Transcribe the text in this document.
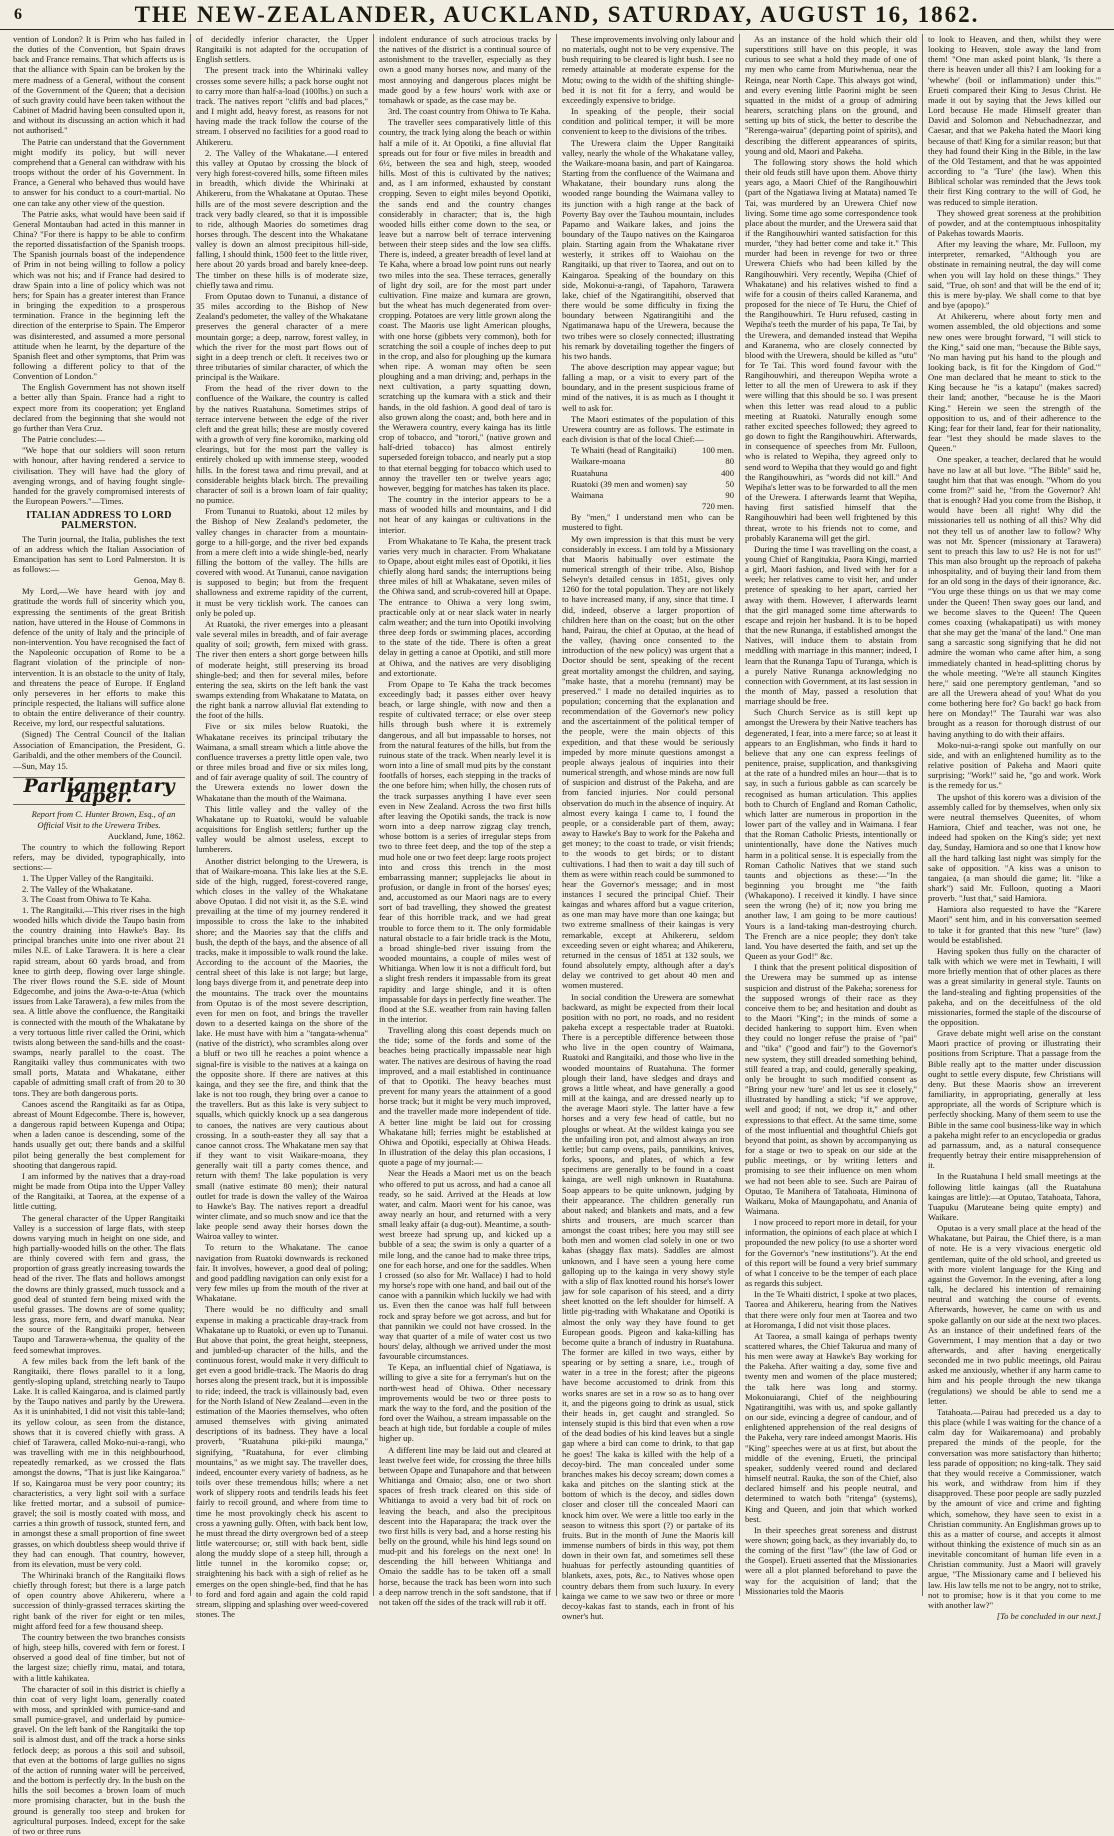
6	THE NEW-ZEALANDER, AUCKLAND, SATURDAY, AUGUST 16, 1862.

vention of London? It is Prim who has failed in the duties of the Convention, but Spain draws back and France remains. That which affects us is that the alliance with Spain can be broken by the mere madness of a General, without the consent of the Government of the Queen; that a decision of such gravity could have been taken without the Cabinet of Madrid having been consulted upon it, and without its discussing an action which it had not authorised."

The Patrie can understand that the Government might modify its policy, but will never comprehend that a General can withdraw with his troops without the order of his Government. In France, a General who behaved thus would have to answer for his conduct to a court-martial. No one can take any other view of the question.

The Patrie asks, what would have been said if General Montauban had acted in this manner in China? "For there is happy to be able to confirm the reported dissatisfaction of the Spanish troops. The Spanish journals boast of the independence of Prim in not being willing to follow a policy which was not his; and if France had desired to draw Spain into a line of policy which was not hers; for Spain has a greater interest than France in bringing the expedition to a prosperous termination. France in the beginning left the direction of the enterprise to Spain. The Emperor was disinterested, and assumed a more personal attitude when he learnt, by the departure of the Spanish fleet and other symptoms, that Prim was following a different policy to that of the Convention of London."

The English Government has not shown itself a better ally than Spain. France had a right to expect more from its cooperation; yet England declared from the beginning that she would not go further than Vera Cruz.

The Patrie concludes:—

"We hope that our soldiers will soon return with honour, after having rendered a service to civilisation. They will have had the glory of avenging wrongs, and of having fought single-handed for the gravely compromised interests of the European Powers."—Times.

ITALIAN ADDRESS TO LORD PALMERSTON.

The Turin journal, the Italia, publishes the text of an address which the Italian Association of Emancipation has sent to Lord Palmerston. It is as follows:—

Genoa, May 8.

My Lord,—We have heard with joy and gratitude the words full of sincerity which you, expressing the sentiments of the great British nation, have uttered in the House of Commons in defence of the unity of Italy and the principle of non-intervention. You have recognised the fact of the Napoleonic occupation of Rome to be a flagrant violation of the principle of non-intervention. It is an obstacle to the unity of Italy, and threatens the peace of Europe. If England only perseveres in her efforts to make this principle respected, the Italians will suffice alone to obtain the entire deliverance of their country. Receive, my lord, our respectful salutations.

(Signed) The Central Council of the Italian Association of Emancipation, the President, G. Garibaldi, and the other members of the Council.

—Sun, May 15.

Parliamentary Paper.

Report from C. Hunter Brown, Esq., of an Official Visit to the Urewera Tribes.

Auckland, June, 1862.

The country to which the following Report refers, may be divided, typographically, into sections:—

1. The Upper Valley of the Rangitaiki.

2. The Valley of the Whakatane.

3. The Coast from Ohiwa to Te Kaha.

1. The Rangitaiki.—This river rises in the high wooded hills which divide the Taupo basin from the country draining into Hawke's Bay. Its principal branches unite into one river about 21 miles N.E. of Lake Tarawera. It is here a clear rapid stream, about 60 yards broad, and from knee to girth deep, flowing over large shingle. The river flows round the S.E. side of Mount Edgecombe, and joins the Awa-o-te-Atua (which issues from Lake Tarawera), a few miles from the sea. A little above the confluence, the Rangitaiki is connected with the mouth of the Whakatane by a very tortuous little river called the Orini, which twists along between the sand-hills and the coast-swamps, nearly parallel to the coast. The Rangitaiki valley thus communicates with two small ports, Matata and Whakatane, either capable of admitting small craft of from 20 to 30 tons. They are both dangerous ports.

Canoes ascend the Rangitaiki as far as Otipa, abreast of Mount Edgecombe. There is, however, a dangerous rapid between Kupenga and Otipa; when a laden canoe is descending, some of the hands usually get out; there bands and a skilful pilot being generally the best complement for shooting that dangerous rapid.

I am informed by the natives that a dray-road might be made from Otipa into the Upper Valley of the Rangitaiki, at Taorea, at the expense of a little cutting.

The general character of the Upper Rangitaiki Valley is a succession of large flats, with steep downs varying much in height on one side, and high partially-wooded hills on the other. The flats are thinly covered with fern and grass, the proportion of grass greatly increasing towards the head of the river. The flats and hollows amongst the downs are thinly grassed, much tussock and a good deal of stunted fern being mixed with the useful grasses. The downs are of some quality; less grass, more fern, and dwarf manuka. Near the source of the Rangitaiki proper, between Taupo and Tarawera-whenua, the quality of the feed somewhat improves.

A few miles back from the left bank of the Rangitaiki, there flows parallel to it a long, gently-sloping upland, stretching nearly to Taupo Lake. It is called Kaingaroa, and is claimed partly by the Taupo natives and partly by the Urewera. As it is uninhabited, I did not visit this table-land; its yellow colour, as seen from the distance, shows that it is covered chiefly with grass. A chief of Tarawera, called Moko-nui-a-rangi, who was travelling with me in this neighbourhood, repeatedly remarked, as we crossed the flats amongst the downs, "That is just like Kaingaroa." If so, Kaingaroa must be very poor country; its characteristics, a very light soil with a surface like fretted mortar, and a subsoil of pumice-gravel; the soil is mostly coated with moss, and carries a thin growth of tussock, stunted fern, and in amongst these a small proportion of fine sweet grasses, on which doubtless sheep would thrive if they had can enough. That country, however, from its elevation, must be very cold.

The Whirinaki branch of the Rangitaiki flows chiefly through forest; but there is a large patch of open country above Ahikereru, where a succession of thinly-grassed terraces skirting the right bank of the river for eight or ten miles, might afford feed for a few thousand sheep.

The country between the two branches consists of high, steep hills, covered with fern or forest. I observed a good deal of fine timber, but not of the largest size; chiefly rimu, matai, and totara, with a little kahikatea.

The character of soil in this district is chiefly a thin coat of very light loam, generally coated with moss, and sprinkled with pumice-sand and small pumice-gravel, and underlaid by pumice-gravel. On the left bank of the Rangitaiki the top soil is almost dust, and off the track a horse sinks fetlock deep; as porous a this soil and subsoil, that even at the bottoms of large gullies no signs of the action of running water will be perceived, and the bottom is perfectly dry. In the bush on the hills the soil becomes a brown loam of much more promising character, but in the bush the ground is generally too steep and broken for agricultural purposes. Indeed, except for the sake of two or three runs

of decidedly inferior character, the Upper Rangitaiki is not adapted for the occupation of English settlers.

The present track into the Whirinaki valley crosses some severe hills; a pack horse ought not to carry more than half-a-load (100lbs.) on such a track. The natives report "cliffs and bad places," and I might add, heavy forest, as reasons for not having made the track follow the course of the stream. I observed no facilities for a good road to Ahikereru.

2. The Valley of the Whakatane.—I entered this valley at Oputao by crossing the block of very high forest-covered hills, some fifteen miles in breadth, which divide the Whirinaki at Ahikereru, from the Whakatane at Oputao. These hills are of the most severe description and the track very badly cleared, so that it is impossible to ride, although Maories do sometimes drag horses through. The descent into the Whakatane valley is down an almost precipitous hill-side, falling, I should think, 1500 feet to the little river, here about 20 yards broad and barely knee-deep. The timber on these hills is of moderate size, chiefly tawa and rimu.

From Oputao down to Tunanui, a distance of 35 miles according to the Bishop of New Zealand's pedometer, the valley of the Whakatane preserves the general character of a mere mountain gorge; a deep, narrow, forest valley, in which the river for the most part flows out of sight in a deep trench or cleft. It receives two or three tributaries of similar character, of which the principal is the Waikare.

From the head of the river down to the confluence of the Waikare, the country is called by the natives Ruatahuna. Sometimes strips of terrace intervene between the edge of the river cleft and the great hills; these are mostly covered with a growth of very fine koromiko, marking old clearings, but for the most part the valley is entirely choked up with immense steep, wooded hills. In the forest tawa and rimu prevail, and at considerable heights black birch. The prevailing character of soil is a brown loam of fair quality; no pumice.

From Tunanui to Ruatoki, about 12 miles by the Bishop of New Zealand's pedometer, the valley changes in character from a mountain-gorge to a hill-gorge, and the river bed expands from a mere cleft into a wide shingle-bed, nearly filling the bottom of the valley. The hills are covered with wood. At Tunanui, canoe navigation is supposed to begin; but from the frequent shallowness and extreme rapidity of the current, it must be very ticklish work. The canoes can only be poled up.

At Ruatoki, the river emerges into a pleasant vale several miles in breadth, and of fair average quality of soil; growth, fern mixed with grass. The river then enters a short gorge between hills of moderate height, still preserving its broad shingle-bed; and then for several miles, before entering the sea, skirts on the left bank the vast swamps extending from Whakatane to Matata, on the right bank a narrow alluvial flat extending to the foot of the hills.

Five or six miles below Ruatoki, the Whakatane receives its principal tributary the Waimana, a small stream which a little above the confluence traverses a pretty little open vale, two or three miles broad and five or six miles long, and of fair average quality of soil. The country of the Urewera extends no lower down the Whakatane than the mouth of the Waimana.

This little valley and the valley of the Whakatane up to Ruatoki, would be valuable acquisitions for English settlers; further up the valley would be almost useless, except to lumberers.

Another district belonging to the Urewera, is that of Waikare-moana. This lake lies at the S.E. side of the high, rugged, forest-covered range, which closes in the valley of the Whakatane above Oputao. I did not visit it, as the S.E. wind prevailing at the time of my journey rendered it impossible to cross the lake to the inhabited shore; and the Maories say that the cliffs and bush, the depth of the bays, and the absence of all tracks, make it impossible to walk round the lake. According to the account of the Maories, the central sheet of this lake is not large; but large, long bays diverge from it, and penetrate deep into the mountains. The track over the mountains from Oputao is of the most severe description, even for men on foot, and brings the traveller down to a deserted kainga on the shore of the lake. He must have with him a "tangata-whenua" (native of the district), who scrambles along over a bluff or two till he reaches a point whence a signal-fire is visible to the natives at a kainga on the opposite shore. If there are natives at this kainga, and they see the fire, and think that the lake is not too rough, they bring over a canoe to the travellers. But as this lake is very subject to squalls, which quickly knock up a sea dangerous to canoes, the natives are very cautious about crossing. In a south-easter they all say that a canoe cannot cross. The Whakatane men say that if they want to visit Waikare-moana, they generally wait till a party comes thence, and return with them! The lake population is very small (native estimate 80 men); their natural outlet for trade is down the valley of the Wairoa to Hawke's Bay. The natives report a dreadful winter climate, and so much snow and ice that the lake people send away their horses down the Wairoa valley to winter.

To return to the Whakatane. The canoe navigation from Ruatoki downwards is reckoned fair. It involves, however, a good deal of poling; and good paddling navigation can only exist for a very few miles up from the mouth of the river at Whakatane.

There would be no difficulty and small expense in making a practicable dray-track from Whakatane up to Ruatoki, or even up to Tunanui. But above that point, the great height, steepness, and jumbled-up character of the hills, and the continuous forest, would make it very difficult to get even a good bridle-track. The Maoris do drag horses along the present track, but it is impossible to ride; indeed, the track is villainously bad, even for the North Island of New Zealand—even in the estimation of the Maories themselves, who often amused themselves with giving animated descriptions of its badness. They have a local proverb, "Ruatahuna piki-piki maunga," signifying, "Ruatahuna, for ever climbing mountains," as we might say. The traveller does, indeed, encounter every variety of badness, as he toils over these tremendous hills; where a net work of slippery roots and tendrils leads his feet fairly to recoil ground, and where from time to time he most provokingly check his ascent to cross a yawning gully. Often, with back bent low, he must thread the dirty overgrown bed of a steep little watercourse; or, still with back bent, sidle along the muddy slope of a steep hill, through a little tunnel in the koromiko copse; or, straightening his back with a sigh of relief as he emerges on the open shingle-bed, find that he has to ford and ford again and again the cold rapid stream, slipping and splashing over weed-covered stones. The

indolent endurance of such atrocious tracks by the natives of the district is a continual source of astonishment to the traveller, especially as they own a good many horses now, and many of the most annoying and dangerous places might be made good by a few hours' work with axe or tomahawk or spade, as the case may be.

3rd. The coast country from Ohiwa to Te Kaha.

The traveller sees comparatively little of this country, the track lying along the beach or within half a mile of it. At Opotiki, a fine alluvial flat spreads out for four or five miles in breadth and 6½, between the sea and high, steep, wooded hills. Most of this is cultivated by the natives; and, as I am informed, exhausted by constant cropping. Seven to eight miles beyond Opotiki, the sands end and the country changes considerably in character; that is, the high wooded hills either come down to the sea, or leave but a narrow belt of terrace intervening between their steep sides and the low sea cliffs. There is, indeed, a greater breadth of level land at Te Kaha, where a broad low point runs out nearly two miles into the sea. These terraces, generally of light dry soil, are for the most part under cultivation. Fine maize and kumara are grown, but the wheat has much degenerated from over-cropping. Potatoes are very little grown along the coast. The Maoris use light American ploughs, with one horse (gibbets very common), both for scratching the soil a couple of inches deep to put in the crop, and also for ploughing up the kumara when ripe. A woman may often be seen ploughing and a man driving; and, perhaps in the next cultivation, a party squatting down, scratching up the kumara with a stick and their hands, in the old fashion. A good deal of taro is also grown along the coast; and, both here and in the Werawera country, every kainga has its little crop of tobacco, and "torori," (native grown and half-dried tobacco) has almost entirely superseded foreign tobacco, and nearly put a stop to that eternal begging for tobacco which used to annoy the traveller ten or twelve years ago; however, begging for matches has taken its place.

The country in the interior appears to be a mass of wooded hills and mountains, and I did not hear of any kaingas or cultivations in the interior.

From Whakatane to Te Kaha, the present track varies very much in character. From Whakatane to Opape, about eight miles east of Opotiki, it lies chiefly along hard sands; the interruptions being three miles of hill at Whakatane, seven miles of the Ohiwa sand, and scrub-covered hill at Opape. The entrance to Ohiwa a very long swim, practicable only at or near slack water in nearly calm weather; and the turn into Opotiki involving three deep fords or swimming places, according to the state of the tide. There is often a great delay in getting a canoe at Opotiki, and still more at Ohiwa, and the natives are very disobliging and extortionate.

From Opape to Te Kaha the track becomes exceedingly bad; it passes either over heavy beach, or large shingle, with now and then a respite of cultivated terrace; or else over steep hills through bush where it is extremely dangerous, and all but impassable to horses, not from the natural features of the hills, but from the ruinous state of the track. When nearly level it is worn into a line of small mud pits by the constant footfalls of horses, each stepping in the tracks of the one before him; when hilly, the chosen ruts of the track surpasses anything I have ever seen even in New Zealand. Across the two first hills after leaving the Opotiki sands, the track is now worn into a deep narrow zigzag clay trench, whose bottom is a series of irregular steps from two to three feet deep, and the top of the step a mud hole one or two feet deep: large roots project into and cross this trench in the most embarrassing manner; supplejacks lie about in profusion, or dangle in front of the horses' eyes; and, accustomed as our Maori nags are to every sort of bad travelling, they showed the greatest fear of this horrible track, and we had great trouble to force them to it. The only formidable natural obstacle to a fair bridle track is the Motu, a broad shingle-bed river issuing from the wooded mountains, a couple of miles west of Whitianga. When low it is not a difficult ford, but a slight fresh renders it impassable from its great rapidity and large shingle, and it is often impassable for days in perfectly fine weather. The flood at the S.E. weather from rain having fallen in the interior.

Travelling along this coast depends much on the tide; some of the fords and some of the beaches being practically impassable near high water. The natives are desirous of having the road improved, and a mail established in continuance of that to Opotiki. The heavy beaches must prevent for many years the attainment of a good horse track; but it might be very much improved, and the traveller made more independent of tide. A better line might be laid out for crossing Whakatane hill; ferries might be established at Ohiwa and Opotiki, especially at Ohiwa Heads. In illustration of the delay this plan occasions, I quote a page of my journal:—

Near the Heads a Maori met us on the beach who offered to put us across, and had a canoe all ready, so he said. Arrived at the Heads at low water, and calm. Maori went for his canoe, was away nearly an hour, and returned with a very small leaky affair (a dug-out). Meantime, a south-west breeze had sprung up, and kicked up a bubble of a sea; the swim is only a quarter of a mile long, and the canoe had to make three trips, one for each horse, and one for the saddles. When I crossed (so also for Mr. Wallace) I had to hold my horse's rope with one hand, and bail out of the canoe with a pannikin which luckily we had with us. Even then the canoe was half full between rock and spray before we got across, and but for that pannikin we could not have crossed. In the way that quarter of a mile of water cost us two hours' delay, although we arrived under the most favourable circumstances.

Te Kepa, an influential chief of Ngatiawa, is willing to give a site for a ferryman's hut on the north-west head of Ohiwa. Other necessary improvements would be two or three posts to mark the way to the ford, and the position of the ford over the Waihou, a stream impassable on the beach at high tide, but fordable a couple of miles higher up.

A different line may be laid out and cleared at least twelve feet wide, for crossing the three hills between Opape and Tunapahore and that between Whitianga and Omaio; also, one or two short spaces of fresh track cleared on this side of Whitianga to avoid a very bad bit of rock on leaving the beach, and also the precipitous descent into the Haparapara; the track over the two first hills is very bad, and a horse resting his belly on the ground, while his hind legs sound on mud-pit and his forelegs on the next one! In descending the hill between Whitianga and Omaio the saddle has to be taken off a small horse, because the track has been worn into such a deep narrow trench in the soft sandstone, that if not taken off the sides of the track will rub it off.

These improvements involving only labour and no materials, ought not to be very expensive. The bush requiring to be cleared is light bush. I see no remedy attainable at moderate expense for the Motu; owing to the width of the shifting shingle-bed it is not fit for a ferry, and would be exceedingly expensive to bridge.

In speaking of the people, their social condition and political temper, it will be more convenient to keep to the divisions of the tribes.

The Urewera claim the Upper Rangitaiki valley, nearly the whole of the Whakatane valley, the Waikare-moana basin, and part of Kaingaroa. Starting from the confluence of the Waimana and Whakatane, their boundary runs along the wooded range bounding the Waimana valley to its junction with a high range at the back of Poverty Bay over the Tauhou mountain, includes Papamo and Waikare lakes, and joins the boundary of the Taupo natives on the Kaingaroa plain. Starting again from the Whakatane river westerly, it strikes off to Waiohau on the Rangitaiki, up that river to Taorea, and out on to Kaingaroa. Speaking of the boundary on this side, Mokonui-a-rangi, of Tapahoro, Tarawera lake, chief of the Ngatirangitihi, observed that there would be some difficulty in fixing the boundary between Ngatirangitihi and the Ngatimanawa hapu of the Urewera, because the two tribes were so closely connected; illustrating his remark by dovetailing together the fingers of his two hands.

The above description may appear vague; but falling a map, or a visit to every part of the boundary, and in the present suspicious frame of mind of the natives, it is as much as I thought it well to ask for.

The Maori estimates of the population of this Urewera country are as follows. The estimate in each division is that of the local Chief:—

Te Whaiti (head of Rangitaiki)	100 men.

Waikare-moana	80

Ruatahuna	400

Ruatoki (39 men and women) say	50

Waimana	90

720 men.

By "men," I understand men who can be mustered to fight.

My own impression is that this must be very considerably in excess. I am told by a Missionary that Maoris habitually over estimate the numerical strength of their tribe. Also, Bishop Selwyn's detailed census in 1851, gives only 1260 for the total population. They are not likely to have increased many, if any, since that time. I did, indeed, observe a larger proportion of children here than on the coast; but on the other hand, Pairau, the chief at Oputao, at the head of the valley, (having once consented to the introduction of the new policy) was urgent that a Doctor should be sent, speaking of the recent great mortality amongst the children, and saying, "make haste, that a morehu (remnant) may be preserved." I made no detailed inquiries as to population; concerning that the explanation and recommendation of the Governor's new policy and the ascertainment of the political temper of the people, were the main objects of this expedition, and that these would be seriously impeded by more minute questions amongst a people always jealous of inquiries into their numerical strength, and whose minds are now full of suspicion and distrust of the Pakeha, and are from fancied injuries. Nor could personal observation do much in the absence of inquiry. At almost every kainga I came to, I found the people, or a considerable part of them, away; away to Hawke's Bay to work for the Pakeha and get money; to the coast to trade, or visit friends; to the woods to get birds; or to distant cultivations. I had then to wait a day till such of them as were within reach could be summoned to hear the Governor's message; and in most instances I secured the principal Chief. Their kaingas and whares afford but a vague criterion, as one man may have more than one kainga; but two extreme smallness of their kaingas is very remarkable, except at Ahikereru, seldom exceeding seven or eight wharea; and Ahikereru, returned in the census of 1851 at 132 souls, we found absolutely empty, although after a day's delay we contrived to get about 40 men and women mustered.

In social condition the Urewera are somewhat backward, as might be expected from their local position with no port, no roads, and no resident pakeha except a respectable trader at Ruatoki. There is a perceptible difference between those who live in the open country of Waimana, Ruatoki and Rangitaiki, and those who live in the wooded mountains of Ruatahuna. The former plough their land, have sledges and drays and grows a little wheat, and have generally a good mill at the kainga, and are dressed nearly up to the average Maori style. The latter have a few horses and a very few head of cattle, but no ploughs or wheat. At the wildest kainga you see the unfailing iron pot, and almost always an iron kettle; but camp ovens, pails, pannikins, knives, forks, spoons, and plates, of which a few specimens are generally to be found in a coast kainga, are well nigh unknown in Ruatahuna. Soap appears to be quite unknown, judging by their appearance. The children generally run about naked; and blankets and mats, and a few shirts and trousers, are much scarcer than amongst the coast tribes; here you may still see both men and women clad solely in one or two kahas (shaggy flax mats). Saddles are almost unknown, and I have seen a young here come galloping up to the kainga in very showy style with a slip of flax knotted round his horse's lower jaw for sole caparison of his steed, and a dirty sheet knotted on the left shoulder for himself. A little pig-trading with Whakatane and Opotiki is almost the only way they have found to get European goods. Pigeon and kaka-killing has become quite a branch of industry in Ruatahuna. The former are killed in two ways, either by spearing or by setting a snare, i.e., trough of water in a tree in the forest; after the pigeons have become accustomed to drink from this works snares are set in a row so as to hang over it, and the pigeons going to drink as usual, stick their heads in, get caught and strangled. So intensely stupid is this bird that even when a row of the dead bodies of his kind leaves but a single gap where a bird can come to drink, to that gap he goes! The kaka is killed with the help of a decoy-bird. The man concealed under some branches makes his decoy scream; down comes a kaka and pitches on the slanting stick at the bottom of which is the decoy, and sidles down closer and closer till the concealed Maori can knock him over. We were a little too early in the season to witness this sport (?) or partake of its fruits. But in the month of June the Maoris kill immense numbers of birds in this way, pot them down in their own fat, and sometimes sell these huahuas for perfectly astounding quantities of blankets, axes, pots, &c., to Natives whose open country debars them from such luxury. In every kainga we came to we saw two or three or more decoy-kakas fast to stands, each in front of his owner's hut.

As an instance of the hold which their old superstitions still have on this people, it was curious to see what a hold they made of one of my men who came from Muriwhenua, near the Reinga, near North Cape. This always got wind, and every evening little Paorini might be seen squatted in the midst of a group of admiring hearers, scratching plans on the ground, and setting up bits of stick, the better to describe the "Rerenga-wairua" (departing point of spirits), and describing the different appearances of spirits, young and old, Maori and Pakeha.

The following story shows the hold which their old feuds still have upon them. Above thirty years ago, a Maori Chief of the Rangihouwhiri (part of the Ngatiawa living at Matata) named Te Tai, was murdered by an Urewera Chief now living. Some time ago some correspondence took place about the murder, and the Urewera said that if the Rangihouwhiri wanted satisfaction for this murder, "they had better come and take it." This murder had been in revenge for two or three Urewera Chiefs who had been killed by the Rangihouwhiri. Very recently, Wepiha (Chief of Whakatane) and his relatives wished to find a wife for a cousin of theirs called Karanema, and proposed for the niece of Te Huru, the Chief of the Rangihouwhiri. Te Huru refused, casting in Wepiha's teeth the murder of his papa, Te Tai, by the Urewera, and demanded instead that Wepiha and Karanema, who are closely connected by blood with the Urewera, should be killed as "utu" for Te Tai. This word found favour with the Rangihouwhiri, and thereupon Wepiha wrote a letter to all the men of Urewera to ask if they were willing that this should be so. I was present when this letter was read aloud to a public meeting at Ruatoki. Naturally enough some rather excited speeches followed; they agreed to go down to fight the Rangihouwhiri. Afterwards, in consequence of speeches from Mr. Fulloon, who is related to Wepiha, they agreed only to send word to Wepiha that they would go and fight the Rangihouwhiri, as "words did not kill." And Wepiha's letter was to be forwarded to all the men of the Urewera. I afterwards learnt that Wepiha, having first satisfied himself that the Rangihouwhiri had been well frightened by this threat, wrote to his friends not to come, and probably Karanema will get the girl.

During the time I was travelling on the coast, a young Chief of Rangitukia, Paora Kingi, married a girl, Maori fashion, and lived with her for a week; her relatives came to visit her, and under pretence of speaking to her apart, carried her away with them. However, I afterwards learnt that the girl managed some time afterwards to escape and rejoin her husband. It is to be hoped that the new Runanga, if established amongst the Natives, will induce them to abstain from meddling with marriage in this manner; indeed, I learn that the Runanga Tapu of Turanga, which is a purely Native Runanga acknowledging no connection with Government, at its last session in the month of May, passed a resolution that marriage should be free.

Such Church Service as is still kept up amongst the Urewera by their Native teachers has degenerated, I fear, into a mere farce; so at least it appears to an Englishman, who finds it hard to believe that any one can express feelings of penitence, praise, supplication, and thanksgiving at the rate of a hundred miles an hour—that is to say, in such a furious gabble as can scarcely be recognised as human articulation. This applies both to Church of England and Roman Catholic, which latter are numerous in proportion in the lower part of the valley and in Waimana. I fear that the Roman Catholic Priests, intentionally or unintentionally, have done the Natives much harm in a political sense. It is especially from the Roman Catholic Natives that we stand such taunts and objections as these:—"In the beginning you brought me "the faith (Whakapono). I received it kindly. I have since seen the wrong (he) of it; now you bring me another law, I am going to be more cautious! Yours is a land-taking man-destroying church. The French are a nice people; they don't take land. You have deserted the faith, and set up the Queen as your God!" &c.

I think that the present political disposition of the Urewera may be summed up as intense suspicion and distrust of the Pakeha; soreness for the supposed wrongs of their race as they conceive them to be; and hesitation and doubt as to the Maori "King"; in the minds of some a decided hankering to support him. Even when they could no longer refuse the praise of "pai" and "tika" ("good and fair") to the Governor's new system, they still dreaded something behind, still feared a trap, and could, generally speaking, only be brought to such modified consent as "Bring your new 'ture' and let us see it closely," illustrated by handling a stick; "if we approve, well and good; if not, we drop it," and other expressions to that effect. At the same time, some of the most influential and thoughtful Chiefs got beyond that point, as shown by accompanying us for a stage or two to speak on our side at the public meetings, or by writing letters and promising to see their influence on men whom we had not been able to see. Such are Pairau of Oputao, Te Manihera of Tatahoata, Himinona of Waikaru, Moka of Maungapohatu, and Anania of Waimana.

I now proceed to report more in detail, for your information, the opinions of each place at which I propounded the new policy (to use a shorter word for the Governor's "new institutions"). At the end of this report will be found a very brief summary of what I conceive to be the temper of each place as regards this subject.

In the Te Whaiti district, I spoke at two places, Taorea and Ahikereru, hearing from the Natives that there were only four men at Taorea and two at Horomanga, I did not visit those places.

At Taorea, a small kainga of perhaps twenty scattered whares, the Chief Takurua and many of his men were away at Hawke's Bay working for the Pakeha. After waiting a day, some five and twenty men and women of the place mustered; the talk here was long and stormy. Mokonuiarangi, Chief of the neighbouring Ngatirangitihi, was with us, and spoke gallantly on our side, evincing a degree of candour, and of enlightened apprehension of the real designs of the Pakeha, very rare indeed amongst Maoris. His "King" speeches were at us at first, but about the middle of the evening, Erueti, the principal speaker, suddenly veered round and declared himself neutral. Rauka, the son of the Chief, also declared himself and his people neutral, and determined to watch both "ritenga" (systems), King and Queen, and join that which worked best.

In their speeches great soreness and distrust were shown; going back, as they invariably do, to the coming of the first "law" (the law of God or the Gospel). Erueti asserted that the Missionaries were all a plot planned beforehand to pave the way for the acquisition of land; that the Missionaries told the Maoris

to look to Heaven, and then, whilst they were looking to Heaven, stole away the land from them! "One man asked point blank, 'Is there a there is heaven under all this? I am looking for a 'whewhe' (boil or inflammation) under this.'" Erueti compared their King to Jesus Christ. He made it out by saying that the Jews killed our Lord because He made Himself greater than David and Solomon and Nebuchadnezzar, and Caesar, and that we Pakeha hated the Maori king because of that! King for a similar reason; but that they had found their King in the Bible, in the law of the Old Testament, and that he was appointed according to "a 'Ture' (the law). When this Biblical scholar was reminded that the Jews took their first King contrary to the will of God, he was reduced to simple iteration.

They showed great soreness at the prohibition of powder, and at the contemptuous inhospitality of Pakehas towards Maoris.

After my leaving the whare, Mr. Fulloon, my interpreter, remarked, "Although you are obstinate in remaining neutral, the day will come when you will lay hold on these things." They said, "True, oh son! and that will be the end of it; this is mere by-play. We shall come to that bye and bye (apopo)."

At Ahikereru, where about forty men and women assembled, the old objections and some new ones were brought forward, "I will stick to the King," said one man, "because the Bible says, 'No man having put his hand to the plough and looking back, is fit for the Kingdom of God.'" One man declared that he meant to stick to the King because he "is a katapu" (makes sacred) their land; another, "because he is the Maori King." Herein we seen the strength of the opposition to us, and of their adherence to the King; fear for their land, fear for their nationality, fear "lest they should be made slaves to the Queen."

One speaker, a teacher, declared that he would have no law at all but love. "The Bible" said he, taught him that that was enough. "Whom do you come from?" said he, "from the Governor? Ah! that is enough? Had you come from the Bishop, it would have been all right! Why did the missionaries tell us nothing of all this? Why did not they tell us of another law to follow? Why was not Mr. Spencer (missionary at Tarawera) sent to preach this law to us? He is not for us!" This man also brought up the reproach of pakeha inhospitality, and of buying their land from them for an old song in the days of their ignorance, &c. "You urge these things on us that we may come under the Queen! Then sway goes our land, and we become slaves to the Queen! The Queen comes coaxing (whakapatipati) us with money that she may get the 'mana' of the land." One man sang a sarcastic song signifying that he did not admire the woman who came after him, a song immediately chanted in head-splitting chorus by the whole meeting. "We're all staunch Kingites here," said one peremptory gentleman, "and so are all the Urewera ahead of you! What do you come bothering here for? Go back! go back from here on Monday!" The Taurahi war was also brought as a reason for thorough distrust of our having anything to do with their affairs.

Moko-nui-a-rangi spoke out manfully on our side, and with an enlightened humility as to the relative position of Pakeha and Maori quite surprising; "Work!" said he, "go and work. Work is the remedy for us."

The upshot of this korero was a division of the assembly called for by themselves, when only six were neutral themselves Queenites, of whom Hamiora, Chief and teacher, was not one, he indeed had spoken on the King's side; yet next day, Sunday, Hamiora and so one that I know how all the hard talking last night was simply for the sake of opposition. "A kiss was a unison to tangaiea, (a man should die game; lit. "like a shark") said Mr. Fulloon, quoting a Maori proverb. "Just that," said Hamiora.

Hamiora also requested to have the "Karere Maori" sent him, and in his conversation seemed to take it for granted that this new "ture" (law) would be established.

Having spoken thus fully on the character of talk with which we were met in Tewhaiti, I will more briefly mention that of other places as there was a great similarity in general style. Taunts on the land-stealing and fighting propensities of the pakeha, and on the deceitfulness of the old missionaries, formed the staple of the discourse of the opposition.

Grave debate might well arise on the constant Maori practice of proving or illustrating their positions from Scripture. That a passage from the Bible really apt to the matter under discussion ought to settle every dispute, few Christians will deny. But these Maoris show an irreverent familiarity, in appropriating, generally at less appropriate, all the words of Scripture which is perfectly shocking. Many of them seem to use the Bible in the same cool business-like way in which a pakeha might refer to an encyclopedia or gradus ad parnassum, and, as a natural consequence frequently betray their entire misapprehension of it.

In the Ruatahuna I held small meetings at the following little kaingas (all the Ruatahuna kaingas are little):—at Oputao, Tatahoata, Tahora, Tuapuku (Maruteane being quite empty) and Waikare.

Oputao is a very small place at the head of the Whakatane, but Pairau, the Chief there, is a man of note. He is a very vivacious energetic old gentleman, quite of the old school, and greeted us with more violent language for the King and against the Governor. In the evening, after a long talk, he declared his intention of remaining neutral and watching the course of events. Afterwards, however, he came on with us and spoke gallantly on our side at the next two places. As an instance of their undefined fears of the Government, I may mention that a day or two afterwards, and after having energetically seconded me in two public meetings, old Pairau asked me anxiously, whether if any harm came to him and his people through the new tikanga (regulations) we should be able to send me a letter.

Tatahoata.—Pairau had preceded us a day to this place (while I was waiting for the chance of a calm day for Waikaremoana) and probably prepared the minds of the people, for the conversation was more satisfactory than hitherto; less parade of opposition; no king-talk. They said that they would receive a Commissioner, watch his work, and withdraw from him if they disapproved. These poor people are sadly puzzled by the amount of vice and crime and fighting which, somehow, they have seen to exist in a Christian community. An Englishman grows up to this as a matter of course, and accepts it almost without thinking the existence of much sin as an inevitable concomitant of human life even in a Christian community. Just a Maori will gravely argue, "The Missionary came and I believed his law. His law tells me not to be angry, not to strike, not to promise; how is it that you come to me with another law?"

[To be concluded in our next.]
